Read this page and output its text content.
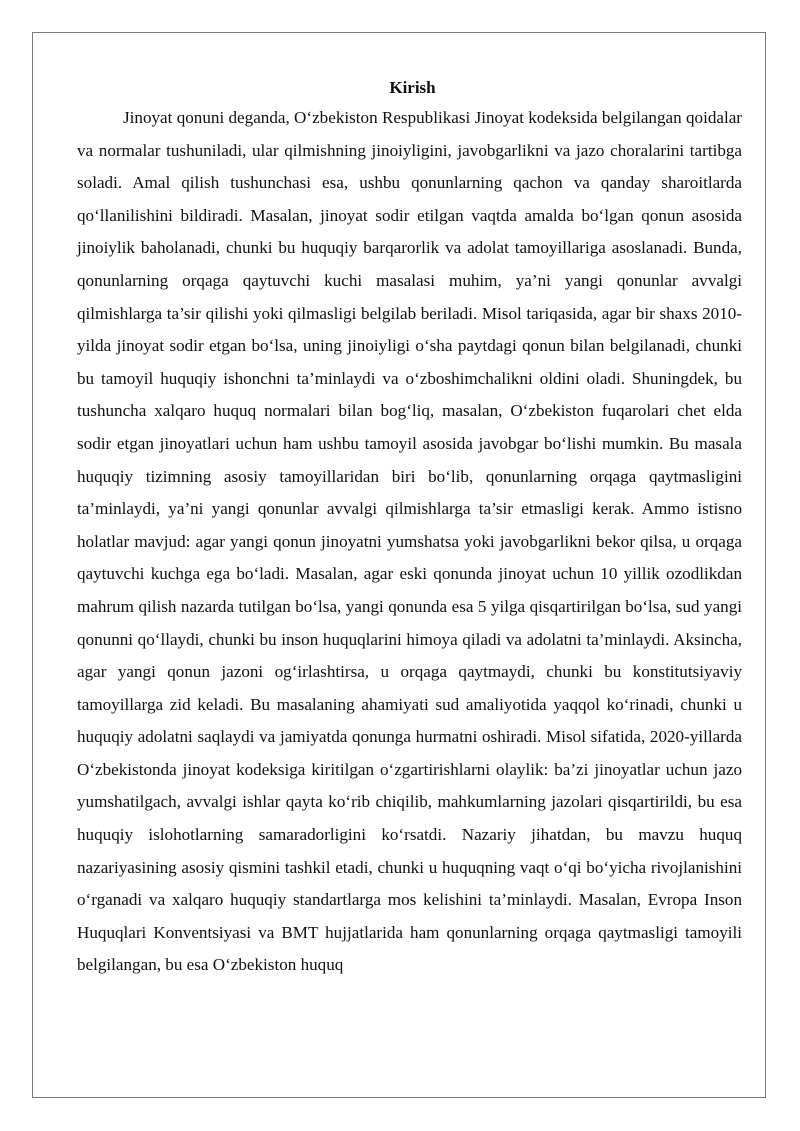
Kirish

Jinoyat qonuni deganda, O‘zbekiston Respublikasi Jinoyat kodeksida belgilangan qoidalar va normalar tushuniladi, ular qilmishning jinoiyligini, javobgarlikni va jazo choralarini tartibga soladi. Amal qilish tushunchasi esa, ushbu qonunlarning qachon va qanday sharoitlarda qo‘llanilishini bildiradi. Masalan, jinoyat sodir etilgan vaqtda amalda bo‘lgan qonun asosida jinoiylik baholanadi, chunki bu huquqiy barqarorlik va adolat tamoyillariga asoslanadi. Bunda, qonunlarning orqaga qaytuvchi kuchi masalasi muhim, ya’ni yangi qonunlar avvalgi qilmishlarga ta’sir qilishi yoki qilmasligi belgilab beriladi. Misol tariqasida, agar bir shaxs 2010-yilda jinoyat sodir etgan bo‘lsa, uning jinoiyligi o‘sha paytdagi qonun bilan belgilanadi, chunki bu tamoyil huquqiy ishonchni ta’minlaydi va o‘zboshimchalikni oldini oladi. Shuningdek, bu tushuncha xalqaro huquq normalari bilan bog‘liq, masalan, O‘zbekiston fuqarolari chet elda sodir etgan jinoyatlari uchun ham ushbu tamoyil asosida javobgar bo‘lishi mumkin. Bu masala huquqiy tizimning asosiy tamoyillaridan biri bo‘lib, qonunlarning orqaga qaytmasligini ta’minlaydi, ya’ni yangi qonunlar avvalgi qilmishlarga ta’sir etmasligi kerak. Ammo istisno holatlar mavjud: agar yangi qonun jinoyatni yumshatsa yoki javobgarlikni bekor qilsa, u orqaga qaytuvchi kuchga ega bo‘ladi. Masalan, agar eski qonunda jinoyat uchun 10 yillik ozodlikdan mahrum qilish nazarda tutilgan bo‘lsa, yangi qonunda esa 5 yilga qisqartirilgan bo‘lsa, sud yangi qonunni qo‘llaydi, chunki bu inson huquqlarini himoya qiladi va adolatni ta’minlaydi. Aksincha, agar yangi qonun jazoni og‘irlashtirsa, u orqaga qaytmaydi, chunki bu konstitutsiyaviy tamoyillarga zid keladi. Bu masalaning ahamiyati sud amaliyotida yaqqol ko‘rinadi, chunki u huquqiy adolatni saqlaydi va jamiyatda qonunga hurmatni oshiradi. Misol sifatida, 2020-yillarda O‘zbekistonda jinoyat kodeksiga kiritilgan o‘zgartirishlarni olaylik: ba’zi jinoyatlar uchun jazo yumshatilgach, avvalgi ishlar qayta ko‘rib chiqilib, mahkumlarning jazolari qisqartirildi, bu esa huquqiy islohotlarning samaradorligini ko‘rsatdi. Nazariy jihatdan, bu mavzu huquq nazariyasining asosiy qismini tashkil etadi, chunki u huquqning vaqt o‘qi bo‘yicha rivojlanishini o‘rganadi va xalqaro huquqiy standartlarga mos kelishini ta’minlaydi. Masalan, Evropa Inson Huquqlari Konventsiyasi va BMT hujjatlarida ham qonunlarning orqaga qaytmasligi tamoyili belgilangan, bu esa O‘zbekiston huquq
